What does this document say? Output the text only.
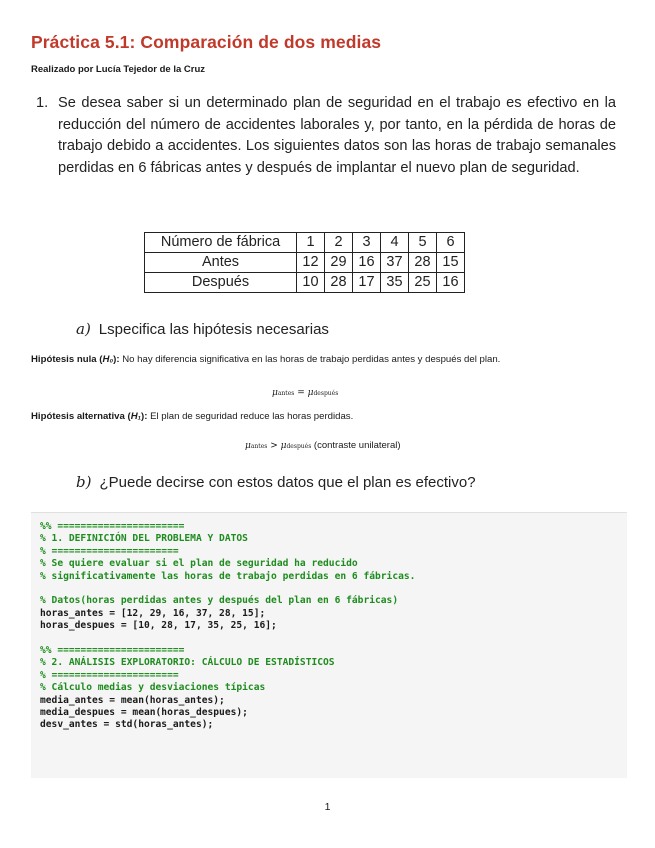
Práctica 5.1: Comparación de dos medias

Realizado por Lucía Tejedor de la Cruz

1. Se desea saber si un determinado plan de seguridad en el trabajo es efectivo en la reducción del número de accidentes laborales y, por tanto, en la pérdida de horas de trabajo debido a accidentes. Los siguientes datos son las horas de trabajo semanales perdidas en 6 fábricas antes y después de implantar el nuevo plan de seguridad.
Número de fábrica	1	2	3	4	5	6
Antes	12	29	16	37	28	15
Después	10	28	17	35	25	16
a) Lspecifica las hipótesis necesarias
Hipótesis nula (H₀): No hay diferencia significativa en las horas de trabajo perdidas antes y después del plan.
μantes = μdespués
Hipótesis alternativa (H₁): El plan de seguridad reduce las horas perdidas.
μantes > μdespués (contraste unilateral)
b) ¿Puede decirse con estos datos que el plan es efectivo?
%% ======================
% 1. DEFINICIÓN DEL PROBLEMA Y DATOS
% ======================
% Se quiere evaluar si el plan de seguridad ha reducido
% significativamente las horas de trabajo perdidas en 6 fábricas.
% Datos(horas perdidas antes y después del plan en 6 fábricas)
horas_antes = [12, 29, 16, 37, 28, 15];
horas_despues = [10, 28, 17, 35, 25, 16];
%% ======================
% 2. ANÁLISIS EXPLORATORIO: CÁLCULO DE ESTADÍSTICOS
% ======================
% Cálculo medias y desviaciones típicas
media_antes = mean(horas_antes);
media_despues = mean(horas_despues);
desv_antes = std(horas_antes);
1
